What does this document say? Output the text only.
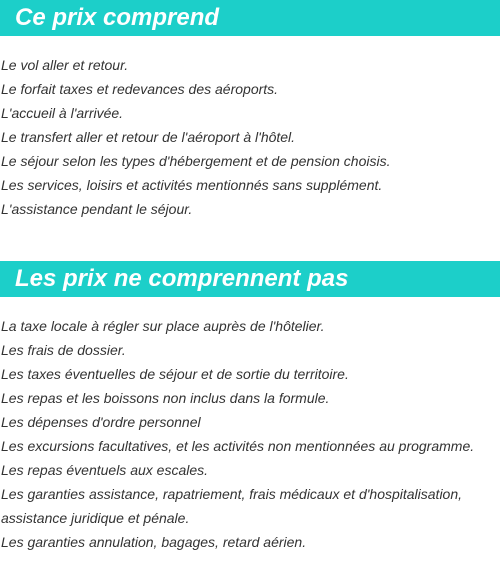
Ce prix comprend
Le vol aller et retour.
Le forfait taxes et redevances des aéroports.
L'accueil à l'arrivée.
Le transfert aller et retour de l'aéroport à l'hôtel.
Le séjour selon les types d'hébergement et de pension choisis.
Les services, loisirs et activités mentionnés sans supplément.
L'assistance pendant le séjour.
Les prix ne comprennent pas
La taxe locale à régler sur place auprès de l'hôtelier.
Les frais de dossier.
Les taxes éventuelles de séjour et de sortie du territoire.
Les repas et les boissons non inclus dans la formule.
Les dépenses d'ordre personnel
Les excursions facultatives, et les activités non mentionnées au programme.
Les repas éventuels aux escales.
Les garanties assistance, rapatriement, frais médicaux et d'hospitalisation, assistance juridique et pénale.
Les garanties annulation, bagages, retard aérien.
